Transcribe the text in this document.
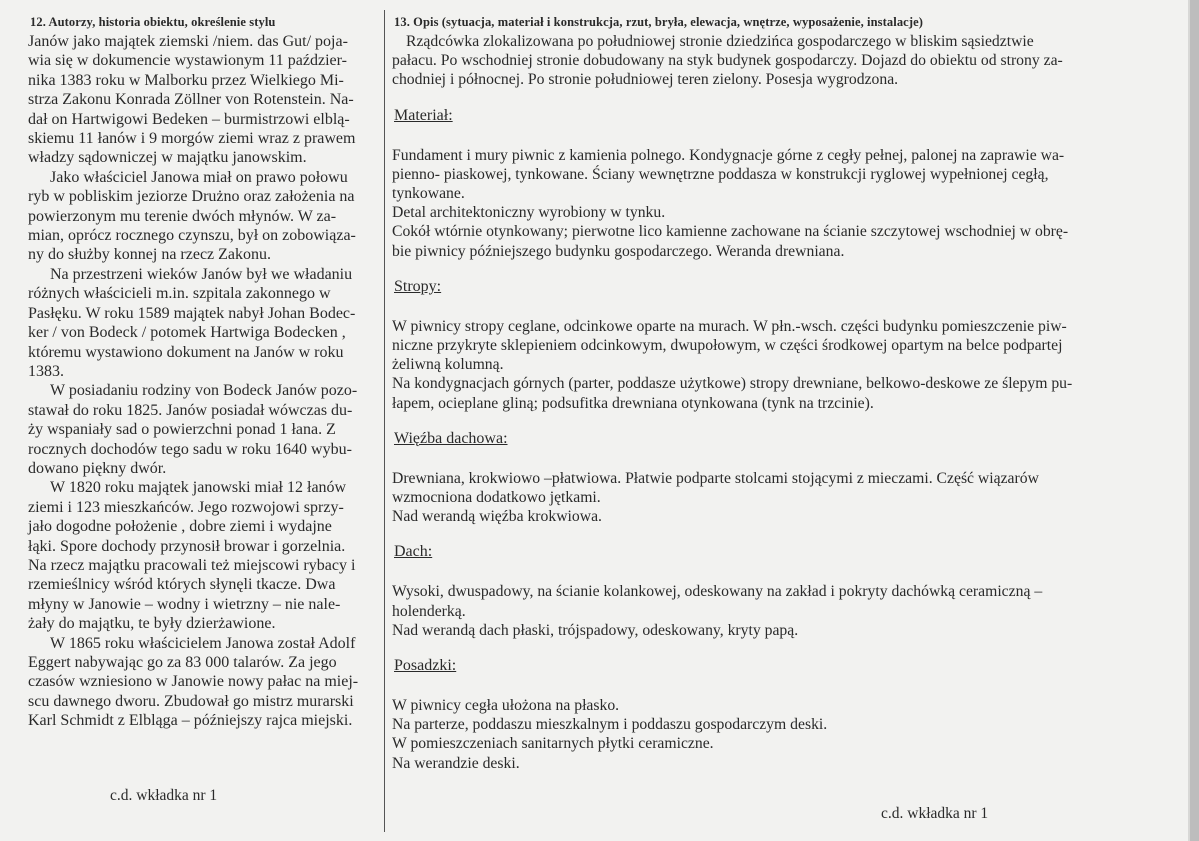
12. Autorzy, historia obiektu, określenie stylu
Janów jako majątek ziemski /niem. das Gut/ poja-
wia się w dokumencie wystawionym 11 paździer-
nika 1383 roku w Malborku przez Wielkiego Mi-
strza Zakonu Konrada Zöllner von Rotenstein. Na-
dał on Hartwigowi Bedeken – burmistrzowi elblą-
skiemu 11 łanów i 9 morgów ziemi wraz z prawem
władzy sądowniczej w majątku janowskim.
Jako właściciel Janowa miał on prawo połowu
ryb w pobliskim jeziorze Drużno oraz założenia na
powierzonym mu terenie dwóch młynów. W za-
mian, oprócz rocznego czynszu, był on zobowiąza-
ny do służby konnej na rzecz Zakonu.
Na przestrzeni wieków Janów był we władaniu
różnych właścicieli m.in. szpitala zakonnego w
Pasłęku. W roku 1589 majątek nabył Johan Bodec-
ker / von Bodeck / potomek Hartwiga Bodecken ,
któremu wystawiono dokument na Janów w roku
1383.
W posiadaniu rodziny von Bodeck Janów pozo-
stawał do roku 1825. Janów posiadał wówczas du-
ży wspaniały sad o powierzchni ponad 1 łana. Z
rocznych dochodów tego sadu w roku 1640 wybu-
dowano piękny dwór.
W 1820 roku majątek janowski miał 12 łanów
ziemi i 123 mieszkańców. Jego rozwojowi sprzy-
jało dogodne położenie , dobre ziemi i wydajne
łąki. Spore dochody przynosił browar i gorzelnia.
Na rzecz majątku pracowali też miejscowi rybacy i
rzemieślnicy wśród których słynęli tkacze. Dwa
młyny w Janowie – wodny i wietrzny – nie nale-
żały do majątku, te były dzierżawione.
W 1865 roku właścicielem Janowa został Adolf
Eggert nabywając go za 83 000 talarów. Za jego
czasów wzniesiono w Janowie nowy pałac na miej-
scu dawnego dworu. Zbudował go mistrz murarski
Karl Schmidt z Elbląga – późniejszy rajca miejski.
c.d. wkładka nr 1
13. Opis (sytuacja, materiał i konstrukcja, rzut, bryła, elewacja, wnętrze, wyposażenie, instalacje)
Rządcówka zlokalizowana po południowej stronie dziedzińca gospodarczego w bliskim sąsiedztwie
pałacu. Po wschodniej stronie dobudowany na styk budynek gospodarczy. Dojazd do obiektu od strony za-
chodniej i północnej. Po stronie południowej teren zielony. Posesja wygrodzona.
Materiał:
Fundament i mury piwnic z kamienia polnego. Kondygnacje górne z cegły pełnej, palonej na zaprawie wa-
pienno- piaskowej, tynkowane. Ściany wewnętrzne poddasza w konstrukcji ryglowej wypełnionej cegłą,
tynkowane.
Detal architektoniczny wyrobiony w tynku.
Cokół wtórnie otynkowany; pierwotne lico kamienne zachowane na ścianie szczytowej wschodniej w obrę-
bie piwnicy późniejszego budynku gospodarczego. Weranda drewniana.
Stropy:
W piwnicy stropy ceglane, odcinkowe oparte na murach. W płn.-wsch. części budynku pomieszczenie piw-
niczne przykryte sklepieniem odcinkowym, dwupołowym, w części środkowej opartym na belce podpartej
żeliwną kolumną.
Na kondygnacjach górnych (parter, poddasze użytkowe) stropy drewniane, belkowo-deskowe ze ślepym pu-
łapem, ocieplane gliną; podsufitka drewniana otynkowana (tynk na trzcinie).
Więźba dachowa:
Drewniana, krokwiowo –płatwiowa. Płatwie podparte stolcami stojącymi z mieczami. Część wiązarów
wzmocniona dodatkowo jętkami.
Nad werandą więźba krokwiowa.
Dach:
Wysoki, dwuspadowy, na ścianie kolankowej, odeskowany na zakład i pokryty dachówką ceramiczną –
holenderką.
Nad werandą dach płaski, trójspadowy, odeskowany, kryty papą.
Posadzki:
W piwnicy cegła ułożona na płasko.
Na parterze, poddaszu mieszkalnym i poddaszu gospodarczym deski.
W pomieszczeniach sanitarnych płytki ceramiczne.
Na werandzie deski.
c.d. wkładka nr 1
